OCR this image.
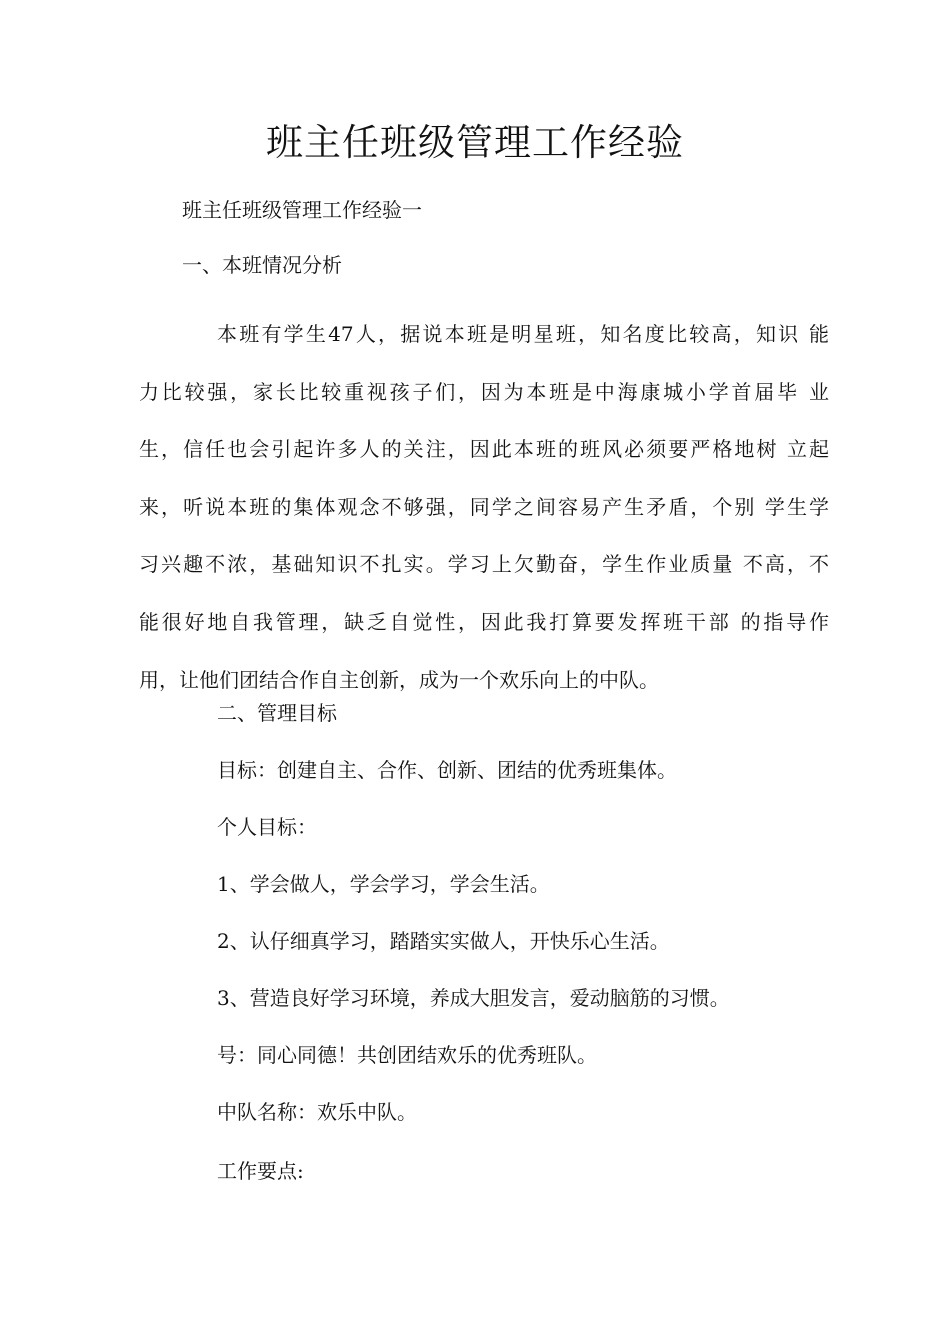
班主任班级管理工作经验
班主任班级管理工作经验一
一、本班情况分析
本班有学生47人，据说本班是明星班，知名度比较高，知识 能
力比较强，家长比较重视孩子们，因为本班是中海康城小学首届毕 业
生，信任也会引起许多人的关注，因此本班的班风必须要严格地树 立起
来，听说本班的集体观念不够强，同学之间容易产生矛盾，个别 学生学
习兴趣不浓，基础知识不扎实。学习上欠勤奋，学生作业质量 不高，不
能很好地自我管理，缺乏自觉性，因此我打算要发挥班干部 的指导作
用，让他们团结合作自主创新，成为一个欢乐向上的中队。
二、管理目标
目标：创建自主、合作、创新、团结的优秀班集体。
个人目标：
1、学会做人，学会学习，学会生活。
2、认仔细真学习，踏踏实实做人，开快乐心生活。
3、营造良好学习环境，养成大胆发言，爱动脑筋的习惯。
号：同心同德！共创团结欢乐的优秀班队。
中队名称：欢乐中队。
工作要点:
